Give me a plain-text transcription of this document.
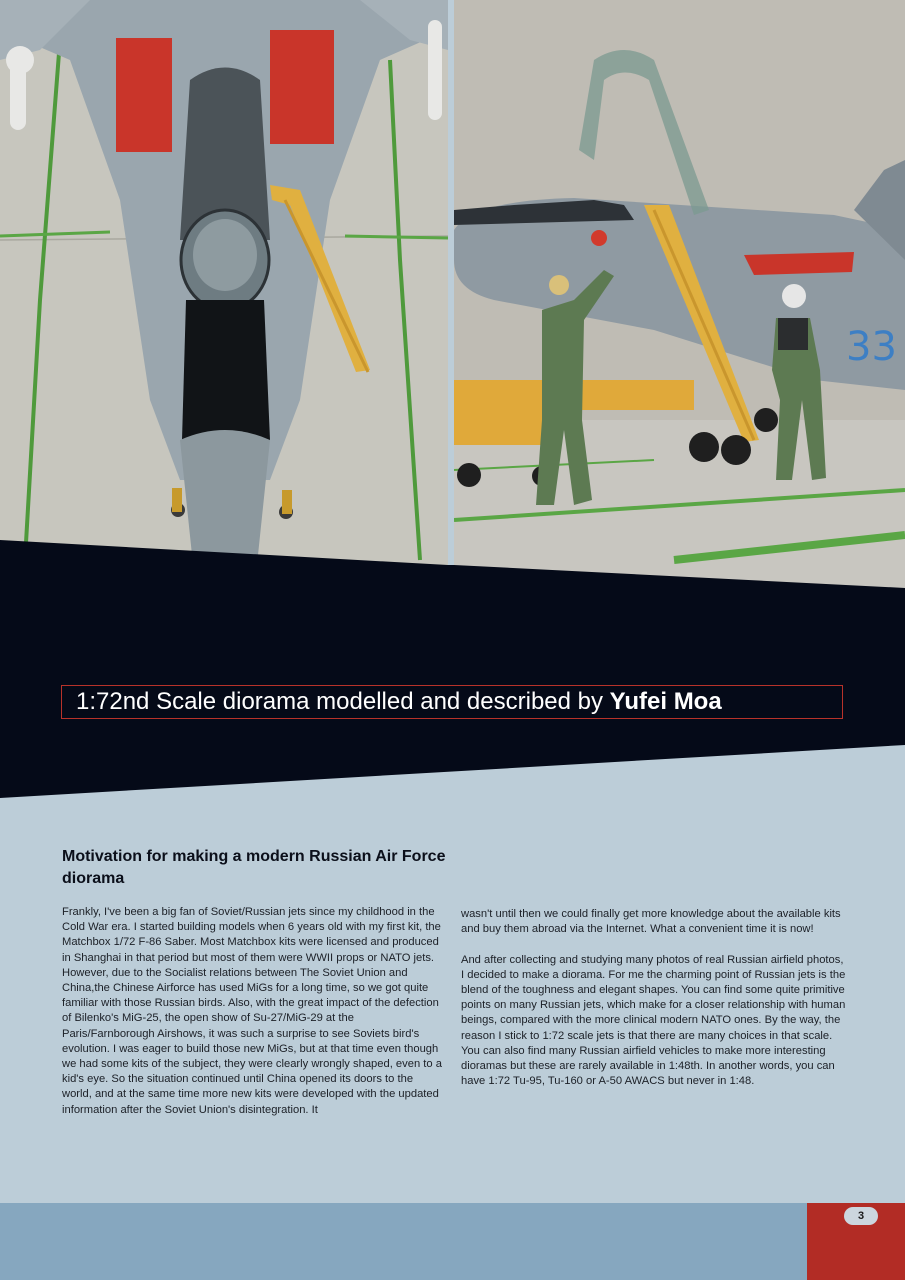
33
1:72nd Scale diorama modelled and described by Yufei Moa
Motivation for making a modern Russian Air Force diorama

Frankly, I've been a big fan of Soviet/Russian jets since my childhood in the Cold War era. I started building models when 6 years old with my first kit, the Matchbox 1/72 F-86 Saber. Most Matchbox kits were licensed and produced in Shanghai in that period but most of them were WWII props or NATO jets. However, due to the Socialist relations between The Soviet Union and China,the Chinese Airforce has used MiGs for a long time, so we got quite familiar with those Russian birds. Also, with the great impact of the defection of Bilenko's MiG-25, the open show of Su-27/MiG-29 at the Paris/Farnborough Airshows, it was such a surprise to see Soviets bird's evolution. I was eager to build those new MiGs, but at that time even though we had some kits of the subject, they were clearly wrongly shaped, even to a kid's eye. So the situation continued until China opened its doors to the world, and at the same time more new kits were developed with the updated information after the Soviet Union's disintegration. It

wasn't until then we could finally get more knowledge about the available kits and buy them abroad via the Internet. What a convenient time it is now!

And after collecting and studying many photos of real Russian airfield photos, I decided to make a diorama. For me the charming point of Russian jets is the blend of the toughness and elegant shapes. You can find some quite primitive points on many Russian jets, which make for a closer relationship with human beings, compared with the more clinical modern NATO ones. By the way, the reason I stick to 1:72 scale jets is that there are many choices in that scale. You can also find many Russian airfield vehicles to make more interesting dioramas but these are rarely available in 1:48th. In another words, you can have 1:72 Tu-95, Tu-160 or A-50 AWACS but never in 1:48.

3
